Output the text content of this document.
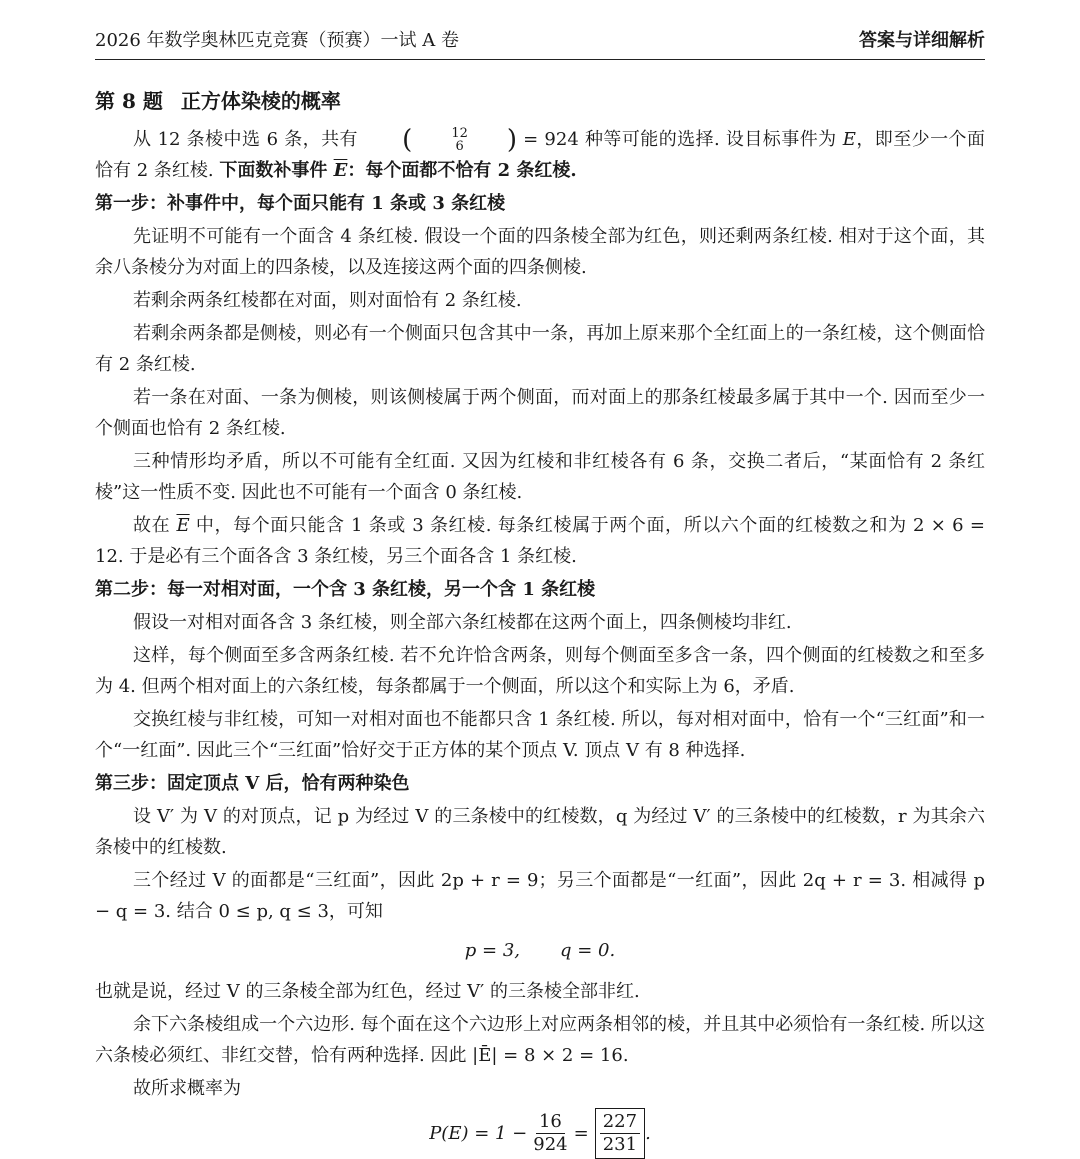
2026 年数学奥林匹克竞赛（预赛）一试 A 卷	答案与详细解析
第 8 题 正方体染棱的概率

从 12 条棱中选 6 条，共有	(	12
6	) = 924 种等可能的选择. 设目标事件为 E，即至少一个面恰有 2 条红棱. 下面数补事件 $\overline{E}$：每个面都不恰有 2 条红棱.

第一步：补事件中，每个面只能有 1 条或 3 条红棱

先证明不可能有一个面含 4 条红棱. 假设一个面的四条棱全部为红色，则还剩两条红棱. 相对于这个面，其余八条棱分为对面上的四条棱，以及连接这两个面的四条侧棱.

若剩余两条红棱都在对面，则对面恰有 2 条红棱.

若剩余两条都是侧棱，则必有一个侧面只包含其中一条，再加上原来那个全红面上的一条红棱，这个侧面恰有 2 条红棱.

若一条在对面、一条为侧棱，则该侧棱属于两个侧面，而对面上的那条红棱最多属于其中一个. 因而至少一个侧面也恰有 2 条红棱.

三种情形均矛盾，所以不可能有全红面. 又因为红棱和非红棱各有 6 条，交换二者后，“某面恰有 2 条红棱”这一性质不变. 因此也不可能有一个面含 0 条红棱.

故在 $\overline{E}$ 中，每个面只能含 1 条或 3 条红棱. 每条红棱属于两个面，所以六个面的红棱数之和为 2 × 6 = 12. 于是必有三个面各含 3 条红棱，另三个面各含 1 条红棱.

第二步：每一对相对面，一个含 3 条红棱，另一个含 1 条红棱

假设一对相对面各含 3 条红棱，则全部六条红棱都在这两个面上，四条侧棱均非红.

这样，每个侧面至多含两条红棱. 若不允许恰含两条，则每个侧面至多含一条，四个侧面的红棱数之和至多为 4. 但两个相对面上的六条红棱，每条都属于一个侧面，所以这个和实际上为 6，矛盾.

交换红棱与非红棱，可知一对相对面也不能都只含 1 条红棱. 所以，每对相对面中，恰有一个“三红面”和一个“一红面”. 因此三个“三红面”恰好交于正方体的某个顶点 V. 顶点 V 有 8 种选择.

第三步：固定顶点 V 后，恰有两种染色

设 V′ 为 V 的对顶点，记 p 为经过 V 的三条棱中的红棱数，q 为经过 V′ 的三条棱中的红棱数，r 为其余六条棱中的红棱数.

三个经过 V 的面都是“三红面”，因此 2p + r = 9；另三个面都是“一红面”，因此 2q + r = 3. 相减得 p − q = 3. 结合 0 ≤ p, q ≤ 3，可知

p = 3, q = 0.

也就是说，经过 V 的三条棱全部为红色，经过 V′ 的三条棱全部非红.

余下六条棱组成一个六边形. 每个面在这个六边形上对应两条相邻的棱，并且其中必须恰有一条红棱. 所以这六条棱必须红、非红交替，恰有两种选择. 因此 |Ē| = 8 × 2 = 16.

故所求概率为

$P(E) = 1 - \frac{16}{924} = \frac{227}{231}$ .
